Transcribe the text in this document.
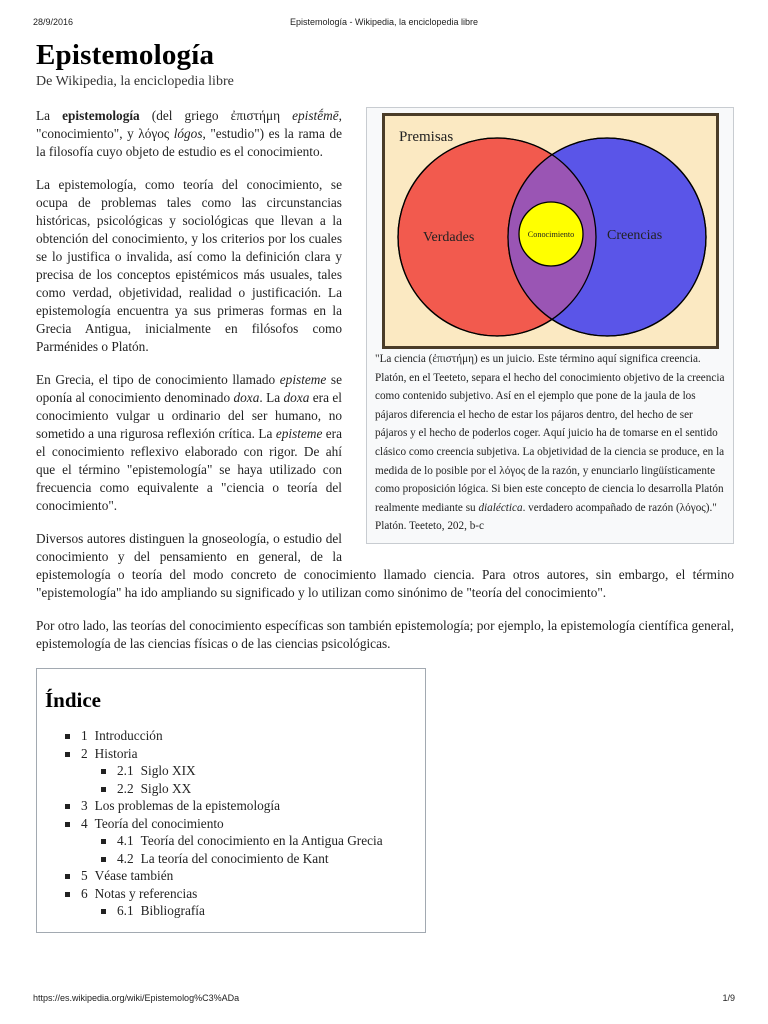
28/9/2016	Epistemología - Wikipedia, la enciclopedia libre
Epistemología
De Wikipedia, la enciclopedia libre
Premisas
Verdades	Creencias
Conocimiento
"La ciencia (ἐπιστήμη) es un juicio. Este término aquí significa creencia. Platón, en el Teeteto, separa el hecho del conocimiento objetivo de la creencia como contenido subjetivo. Así en el ejemplo que pone de la jaula de los pájaros diferencia el hecho de estar los pájaros dentro, del hecho de ser pájaros y el hecho de poderlos coger. Aquí juicio ha de tomarse en el sentido clásico como creencia subjetiva. La objetividad de la ciencia se produce, en la medida de lo posible por el λόγος de la razón, y enunciarlo lingüísticamente como proposición lógica. Si bien este concepto de ciencia lo desarrolla Platón realmente mediante su dialéctica. verdadero acompañado de razón (λόγος)." Platón. Teeteto, 202, b-c

La epistemología (del griego ἐπιστήμη epistḗmē, "conocimiento", y λόγος lógos, "estudio") es la rama de la filosofía cuyo objeto de estudio es el conocimiento.

La epistemología, como teoría del conocimiento, se ocupa de problemas tales como las circunstancias históricas, psicológicas y sociológicas que llevan a la obtención del conocimiento, y los criterios por los cuales se lo justifica o invalida, así como la definición clara y precisa de los conceptos epistémicos más usuales, tales como verdad, objetividad, realidad o justificación. La epistemología encuentra ya sus primeras formas en la Grecia Antigua, inicialmente en filósofos como Parménides o Platón.

En Grecia, el tipo de conocimiento llamado episteme se oponía al conocimiento denominado doxa. La doxa era el conocimiento vulgar u ordinario del ser humano, no sometido a una rigurosa reflexión crítica. La episteme era el conocimiento reflexivo elaborado con rigor. De ahí que el término "epistemología" se haya utilizado con frecuencia como equivalente a "ciencia o teoría del conocimiento".

Diversos autores distinguen la gnoseología, o estudio del conocimiento y del pensamiento en general, de la epistemología o teoría del modo concreto de conocimiento llamado ciencia. Para otros autores, sin embargo, el término "epistemología" ha ido ampliando su significado y lo utilizan como sinónimo de "teoría del conocimiento".

Por otro lado, las teorías del conocimiento específicas son también epistemología; por ejemplo, la epistemología científica general, epistemología de las ciencias físicas o de las ciencias psicológicas.

Índice
1 Introducción
2 Historia
2.1 Siglo XIX
2.2 Siglo XX
3 Los problemas de la epistemología
4 Teoría del conocimiento
4.1 Teoría del conocimiento en la Antigua Grecia
4.2 La teoría del conocimiento de Kant
5 Véase también
6 Notas y referencias
6.1 Bibliografía
https://es.wikipedia.org/wiki/Epistemolog%C3%ADa	1/9
